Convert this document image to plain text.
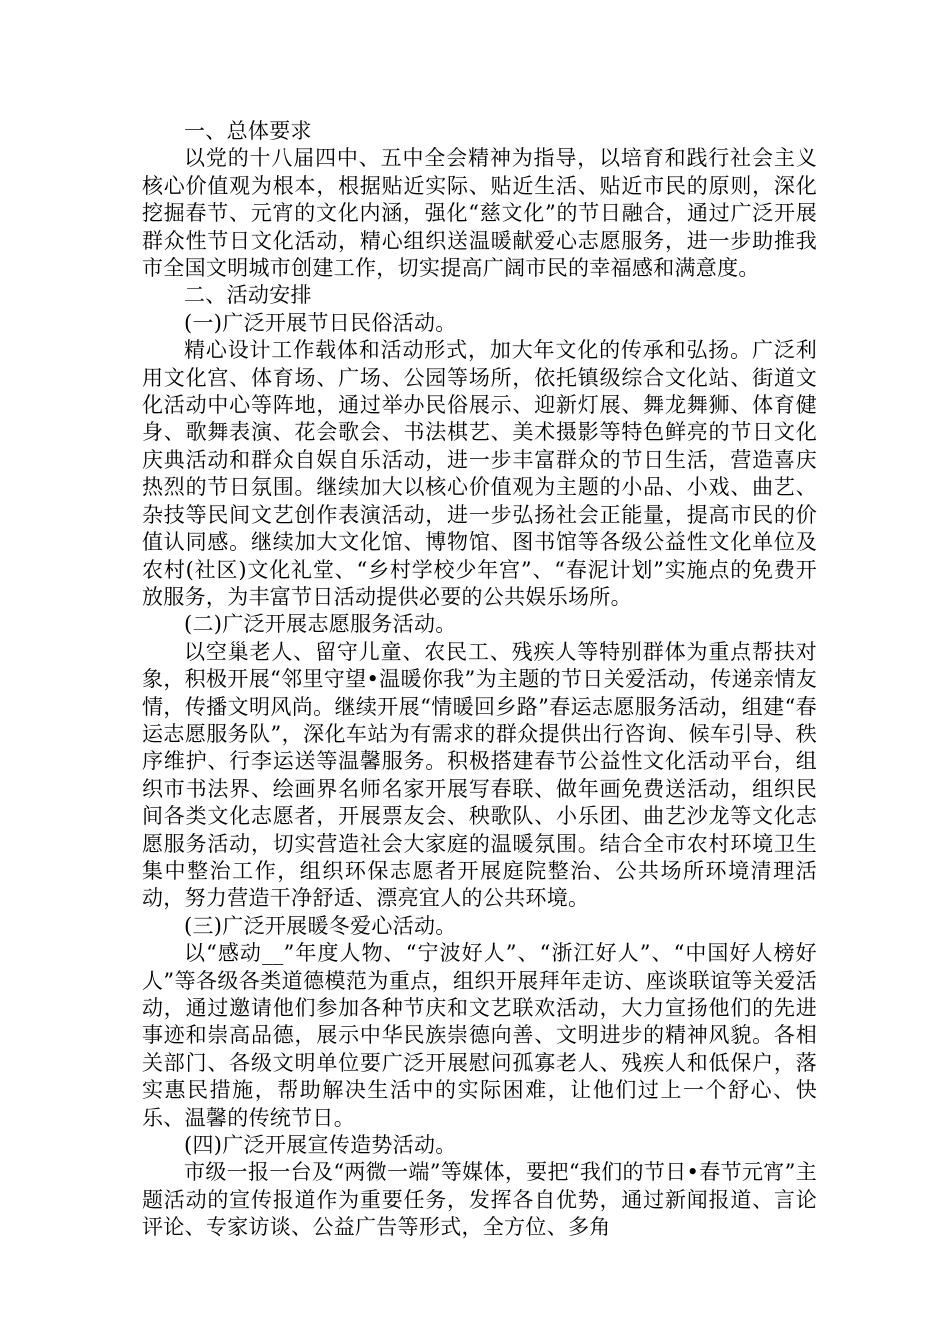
一、总体要求

以党的十八届四中、五中全会精神为指导，以培育和践行社会主义核心价值观为根本，根据贴近实际、贴近生活、贴近市民的原则，深化挖掘春节、元宵的文化内涵，强化“慈文化”的节日融合，通过广泛开展群众性节日文化活动，精心组织送温暖献爱心志愿服务，进一步助推我市全国文明城市创建工作，切实提高广阔市民的幸福感和满意度。

二、活动安排

(一)广泛开展节日民俗活动。

精心设计工作载体和活动形式，加大年文化的传承和弘扬。广泛利用文化宫、体育场、广场、公园等场所，依托镇级综合文化站、街道文化活动中心等阵地，通过举办民俗展示、迎新灯展、舞龙舞狮、体育健身、歌舞表演、花会歌会、书法棋艺、美术摄影等特色鲜亮的节日文化庆典活动和群众自娱自乐活动，进一步丰富群众的节日生活，营造喜庆热烈的节日氛围。继续加大以核心价值观为主题的小品、小戏、曲艺、杂技等民间文艺创作表演活动，进一步弘扬社会正能量，提高市民的价值认同感。继续加大文化馆、博物馆、图书馆等各级公益性文化单位及农村(社区)文化礼堂、“乡村学校少年宫”、“春泥计划”实施点的免费开放服务，为丰富节日活动提供必要的公共娱乐场所。

(二)广泛开展志愿服务活动。

以空巢老人、留守儿童、农民工、残疾人等特别群体为重点帮扶对象，积极开展“邻里守望•温暖你我”为主题的节日关爱活动，传递亲情友情，传播文明风尚。继续开展“情暖回乡路”春运志愿服务活动，组建“春运志愿服务队”，深化车站为有需求的群众提供出行咨询、候车引导、秩序维护、行李运送等温馨服务。积极搭建春节公益性文化活动平台，组织市书法界、绘画界名师名家开展写春联、做年画免费送活动，组织民间各类文化志愿者，开展票友会、秧歌队、小乐团、曲艺沙龙等文化志愿服务活动，切实营造社会大家庭的温暖氛围。结合全市农村环境卫生集中整治工作，组织环保志愿者开展庭院整治、公共场所环境清理活动，努力营造干净舒适、漂亮宜人的公共环境。

(三)广泛开展暖冬爱心活动。

以“感动__”年度人物、“宁波好人”、“浙江好人”、“中国好人榜好人”等各级各类道德模范为重点，组织开展拜年走访、座谈联谊等关爱活动，通过邀请他们参加各种节庆和文艺联欢活动，大力宣扬他们的先进事迹和崇高品德，展示中华民族崇德向善、文明进步的精神风貌。各相关部门、各级文明单位要广泛开展慰问孤寡老人、残疾人和低保户，落实惠民措施，帮助解决生活中的实际困难，让他们过上一个舒心、快乐、温馨的传统节日。

(四)广泛开展宣传造势活动。

市级一报一台及“两微一端”等媒体，要把“我们的节日•春节元宵”主题活动的宣传报道作为重要任务，发挥各自优势，通过新闻报道、言论评论、专家访谈、公益广告等形式，全方位、多角
